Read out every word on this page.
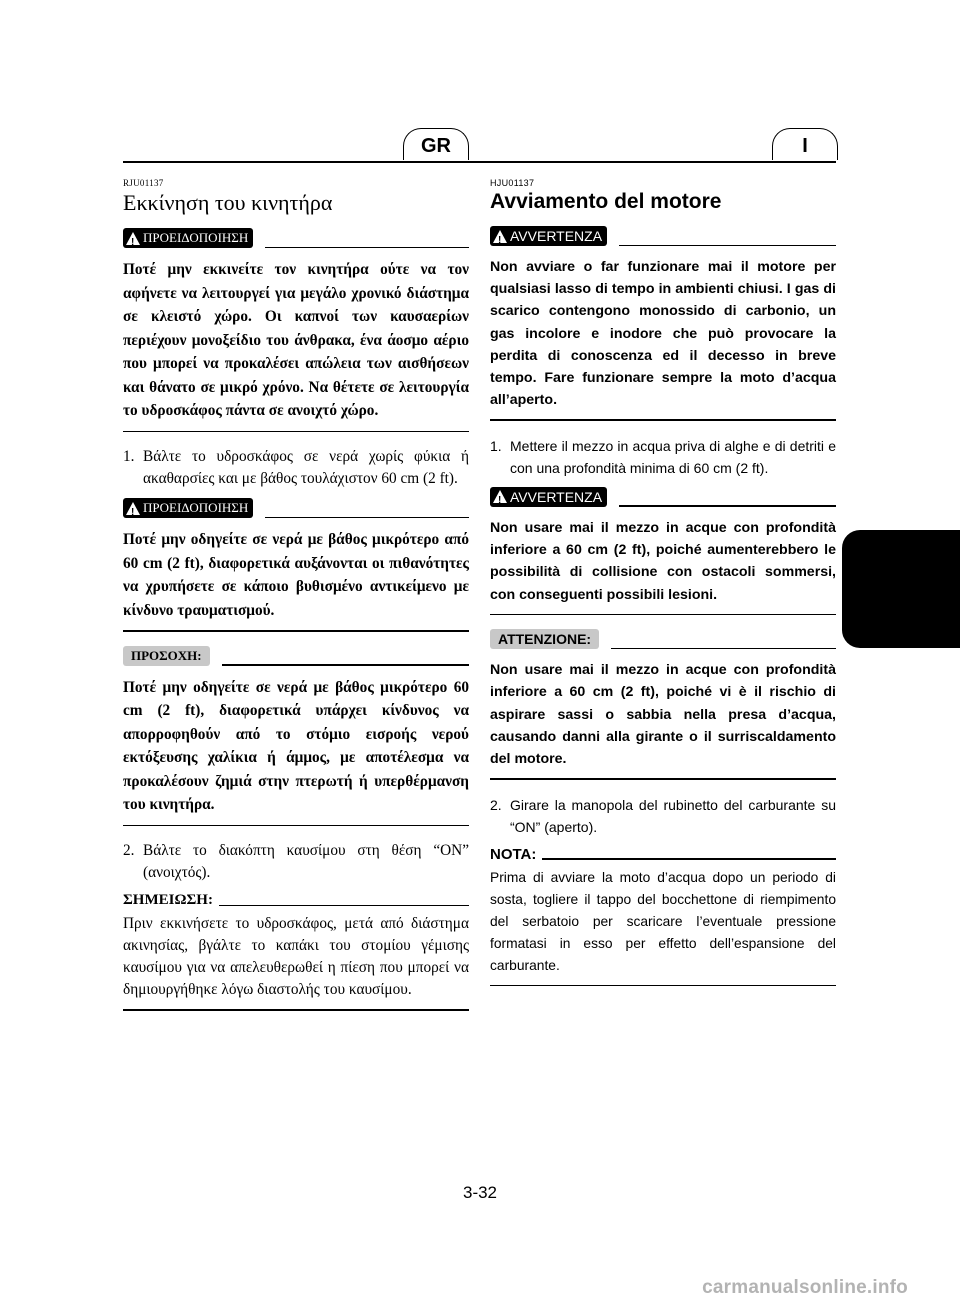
GR	I
RJU01137
Εκκίνηση του κινητήρα
!
ΠΡΟΕΙΔΟΠΟΙΗΣΗ

Ποτέ μην εκκινείτε τον κινητήρα ούτε να τον αφήνετε να λειτουργεί για μεγάλο χρονικό διάστημα σε κλειστό χώρο. Οι καπνοί των καυσαερίων περιέχουν μονοξείδιο του άνθρακα, ένα άοσμο αέριο που μπορεί να προκαλέσει απώλεια των αισθήσεων και θάνατο σε μικρό χρόνο. Να θέτετε σε λειτουργία το υδροσκάφος πάντα σε ανοιχτό χώρο.

1. Βάλτε το υδροσκάφος σε νερά χωρίς φύκια ή ακαθαρσίες και με βάθος τουλάχιστον 60 cm (2 ft).
!
ΠΡΟΕΙΔΟΠΟΙΗΣΗ

Ποτέ μην οδηγείτε σε νερά με βάθος μικρότερο από 60 cm (2 ft), διαφορετικά αυξάνονται οι πιθανότητες να χρυπήσετε σε κάποιο βυθισμένο αντικείμενο με κίνδυνο τραυματισμού.

ΠΡΟΣΟΧΗ:

Ποτέ μην οδηγείτε σε νερά με βάθος μικρότερο 60 cm (2 ft), διαφορετικά υπάρχει κίνδυνος να απορροφηθούν από το στόμιο εισροής νερού εκτόξευσης χαλίκια ή άμμος, με αποτέλεσμα να προκαλέσουν ζημιά στην πτερωτή ή υπερθέρμανση του κινητήρα.

2. Βάλτε το διακόπτη καυσίμου στη θέση “ON” (ανοιχτός).
ΣΗΜΕΙΩΣΗ:

Πριν εκκινήσετε το υδροσκάφος, μετά από διάστημα ακινησίας, βγάλτε το καπάκι του στομίου γέμισης καυσίμου για να απελευθερωθεί η πίεση που μπορεί να δημιουργήθηκε λόγω διαστολής του καυσίμου.

HJU01137
Avviamento del motore
!
AVVERTENZA

Non avviare o far funzionare mai il motore per qualsiasi lasso di tempo in ambienti chiusi. I gas di scarico contengono monossido di carbonio, un gas incolore e inodore che può provocare la perdita di conoscenza ed il decesso in breve tempo. Fare funzionare sempre la moto d’acqua all’aperto.

1. Mettere il mezzo in acqua priva di alghe e di detriti e con una profondità minima di 60 cm (2 ft).
!
AVVERTENZA

Non usare mai il mezzo in acque con profondità inferiore a 60 cm (2 ft), poiché aumenterebbero le possibilità di collisione con ostacoli sommersi, con conseguenti possibili lesioni.

ATTENZIONE:

Non usare mai il mezzo in acque con profondità inferiore a 60 cm (2 ft), poiché vi è il rischio di aspirare sassi o sabbia nella presa d’acqua, causando danni alla girante o il surriscaldamento del motore.

2. Girare la manopola del rubinetto del carburante su “ON” (aperto).
NOTA:

Prima di avviare la moto d’acqua dopo un periodo di sosta, togliere il tappo del bocchettone di riempimento del serbatoio per scaricare l’eventuale pressione formatasi in esso per effetto dell’espansione del carburante.

3-32
carmanualsonline.info
